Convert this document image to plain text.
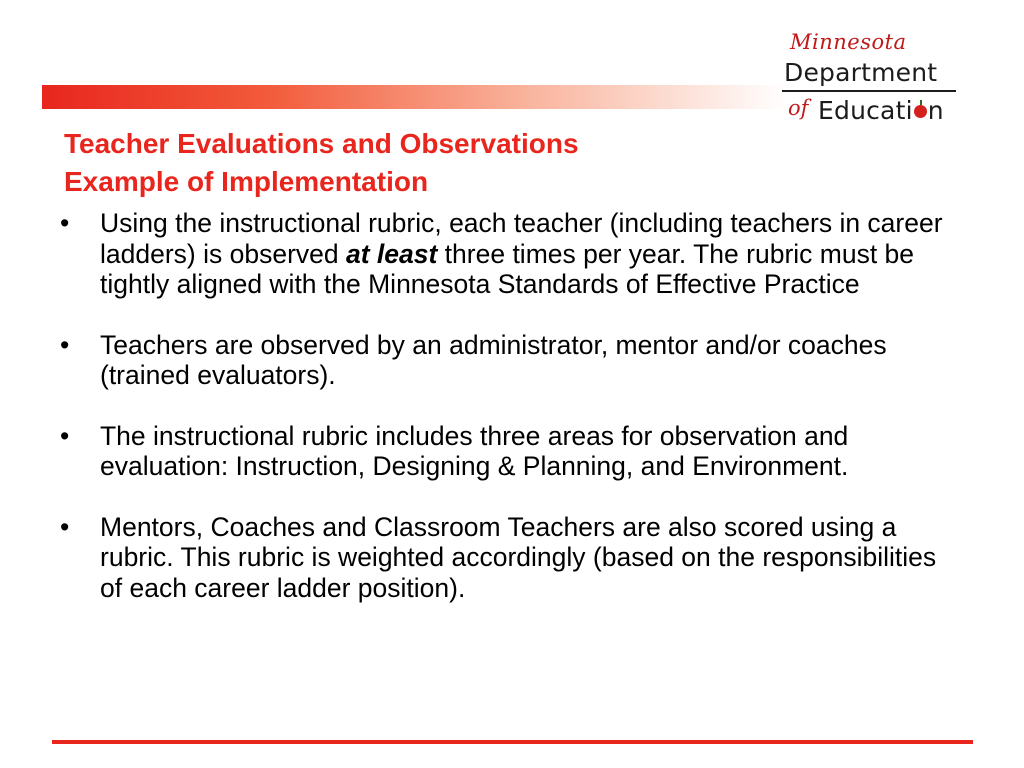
Minnesota
Department
of Educati n
Teacher Evaluations and Observations
Example of Implementation
• Using the instructional rubric, each teacher (including teachers in career ladders) is observed at least three times per year. The rubric must be tightly aligned with the Minnesota Standards of Effective Practice
• Teachers are observed by an administrator, mentor and/or coaches (trained evaluators).
• The instructional rubric includes three areas for observation and evaluation: Instruction, Designing & Planning, and Environment.
• Mentors, Coaches and Classroom Teachers are also scored using a rubric. This rubric is weighted accordingly (based on the responsibilities of each career ladder position).
